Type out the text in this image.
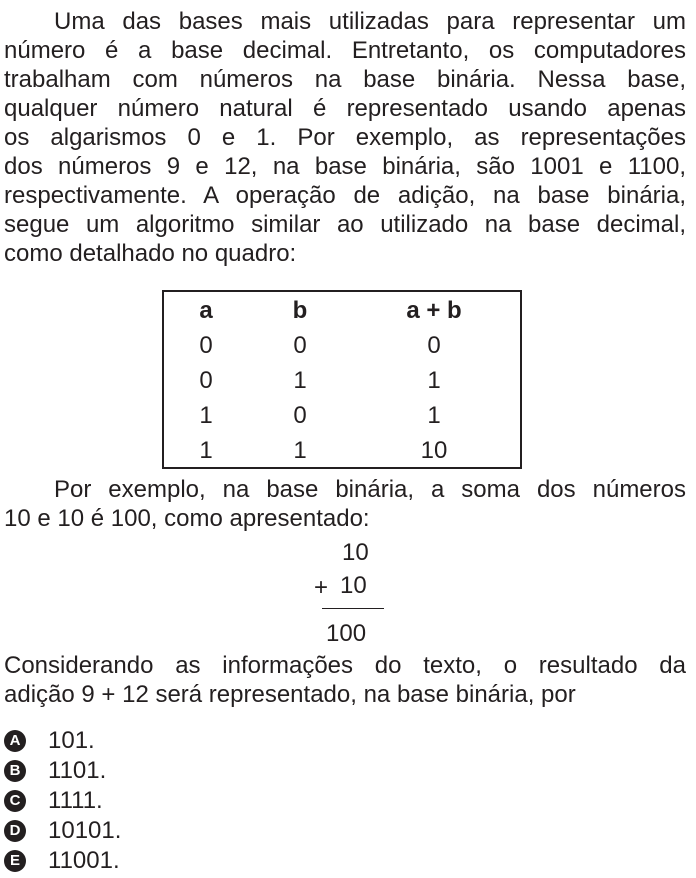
Uma das bases mais utilizadas para representar um
número é a base decimal. Entretanto, os computadores
trabalham com números na base binária. Nessa base,
qualquer número natural é representado usando apenas
os algarismos 0 e 1. Por exemplo, as representações
dos números 9 e 12, na base binária, são 1001 e 1100,
respectivamente. A operação de adição, na base binária,
segue um algoritmo similar ao utilizado na base decimal,
como detalhado no quadro:
a	b	a + b
0	0	0
0	1	1
1	0	1
1	1	10
Por exemplo, na base binária, a soma dos números
10 e 10 é 100, como apresentado:
10
+ 10
100
Considerando as informações do texto, o resultado da
adição 9 + 12 será representado, na base binária, por
A 101.
B 1101.
C 1111.
D 10101.
E 11001.
